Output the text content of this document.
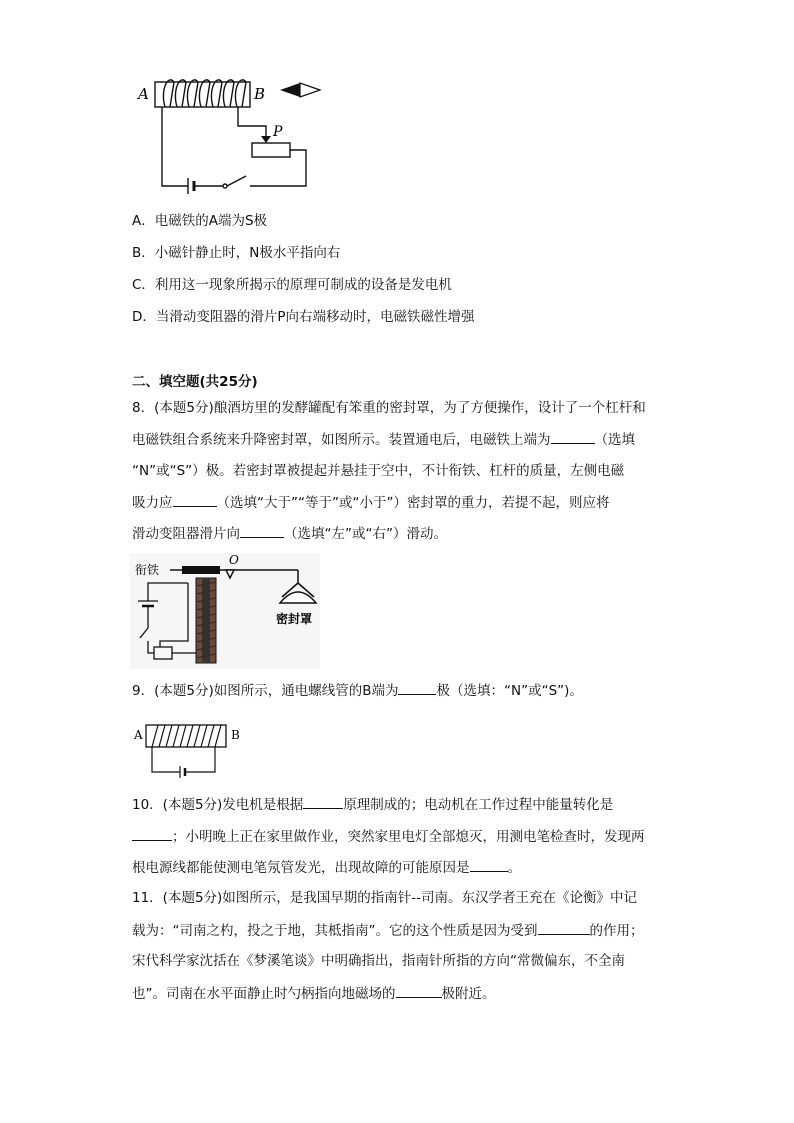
A	B
P
A．电磁铁的A端为S极
B．小磁针静止时，N极水平指向右
C．利用这一现象所揭示的原理可制成的设备是发电机
D．当滑动变阻器的滑片P向右端移动时，电磁铁磁性增强
二、填空题(共25分)
8．(本题5分)酿酒坊里的发酵罐配有笨重的密封罩，为了方便操作，设计了一个杠杆和
电磁铁组合系统来升降密封罩，如图所示。装置通电后，电磁铁上端为	（选填
“N”或“S”）极。若密封罩被提起并悬挂于空中，不计衔铁、杠杆的质量，左侧电磁
吸力应	（选填“大于”“等于”或“小于”）密封罩的重力，若提不起，则应将
滑动变阻器滑片向	（选填“左”或“右”）滑动。
衔铁
O
密封罩
9．(本题5分)如图所示，通电螺线管的B端为	极（选填：“N”或“S”)。
A	B
10．(本题5分)发电机是根据	原理制成的；电动机在工作过程中能量转化是
；小明晚上正在家里做作业，突然家里电灯全部熄灭，用测电笔检查时，发现两
根电源线都能使测电笔氖管发光，出现故障的可能原因是	。
11．(本题5分)如图所示，是我国早期的指南针--司南。东汉学者王充在《论衡》中记
载为：“司南之杓，投之于地，其柢指南”。它的这个性质是因为受到	的作用；
宋代科学家沈括在《梦溪笔谈》中明确指出，指南针所指的方向“常微偏东，不全南
也”。司南在水平面静止时勺柄指向地磁场的	极附近。
